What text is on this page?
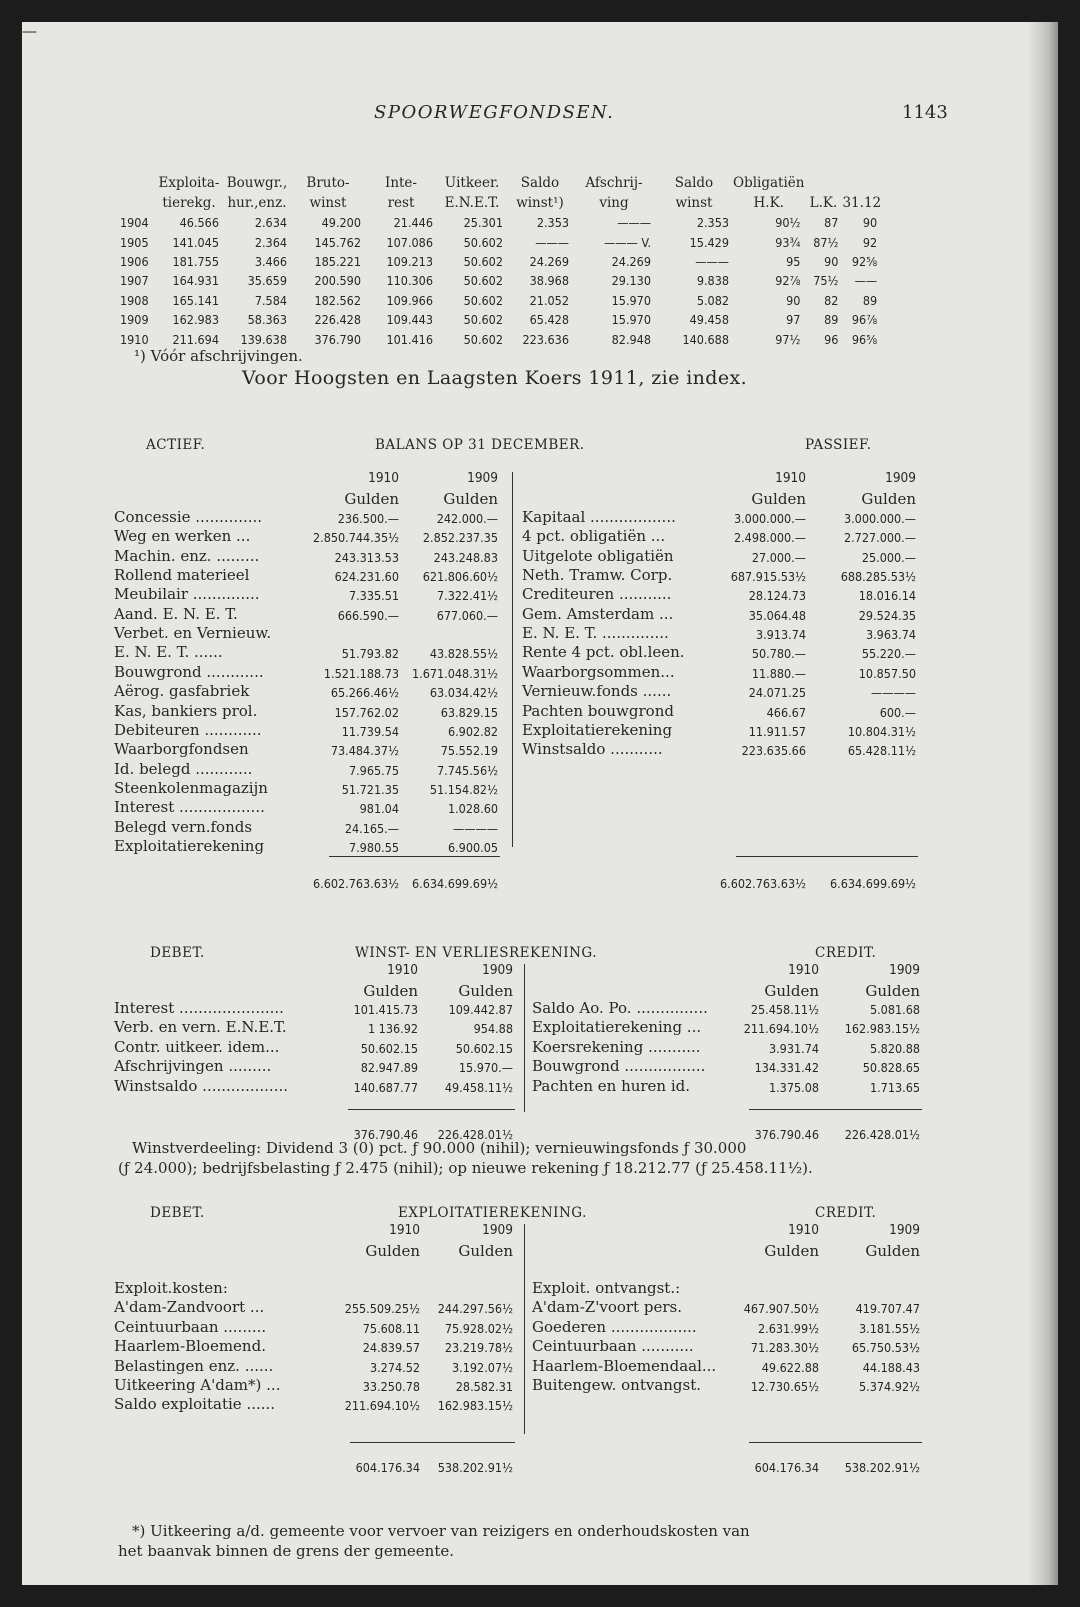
SPOORWEGFONDSEN.	1143
	Exploita-	Bouwgr.,	Bruto-	Inte-	Uitkeer.	Saldo	Afschrij-	Saldo	Obligatiën		
	tierekg.	hur.,enz.	winst	rest	E.N.E.T.	winst¹)	ving	winst	H.K.	L.K.	31.12
1904	46.566	2.634	49.200	21.446	25.301	2.353	———	2.353	90½	87	90
1905	141.045	2.364	145.762	107.086	50.602	———	——— V.	15.429	93¾	87½	92
1906	181.755	3.466	185.221	109.213	50.602	24.269	24.269	———	95	90	92⅝
1907	164.931	35.659	200.590	110.306	50.602	38.968	29.130	9.838	92⅞	75½	——
1908	165.141	7.584	182.562	109.966	50.602	21.052	15.970	5.082	90	82	89
1909	162.983	58.363	226.428	109.443	50.602	65.428	15.970	49.458	97	89	96⅞
1910	211.694	139.638	376.790	101.416	50.602	223.636	82.948	140.688	97½	96	96⅝
¹) Vóór afschrijvingen.
Voor Hoogsten en Laagsten Koers 1911, zie index.
ACTIEF.	BALANS OP 31 DECEMBER.	PASSIEF.
1910	1909
Gulden	Gulden
1910	1909
Gulden	Gulden
Concessie ..............	236.500.—	242.000.—
Weg en werken ...	2.850.744.35½	2.852.237.35
Machin. enz. .........	243.313.53	243.248.83
Rollend materieel	624.231.60	621.806.60½
Meubilair ..............	7.335.51	7.322.41½
Aand. E. N. E. T.	666.590.—	677.060.—
Verbet. en Vernieuw.
E. N. E. T. ......	51.793.82	43.828.55½
Bouwgrond ............	1.521.188.73	1.671.048.31½
Aërog. gasfabriek	65.266.46½	63.034.42½
Kas, bankiers prol.	157.762.02	63.829.15
Debiteuren ............	11.739.54	6.902.82
Waarborgfondsen	73.484.37½	75.552.19
Id. belegd ............	7.965.75	7.745.56½
Steenkolenmagazijn	51.721.35	51.154.82½
Interest ..................	981.04	1.028.60
Belegd vern.fonds	24.165.—	————
Exploitatierekening	7.980.55	6.900.05
Kapitaal ..................	3.000.000.—	3.000.000.—
4 pct. obligatiën ...	2.498.000.—	2.727.000.—
Uitgelote obligatiën	27.000.—	25.000.—
Neth. Tramw. Corp.	687.915.53½	688.285.53½
Crediteuren ...........	28.124.73	18.016.14
Gem. Amsterdam ...	35.064.48	29.524.35
E. N. E. T. ..............	3.913.74	3.963.74
Rente 4 pct. obl.leen.	50.780.—	55.220.—
Waarborgsommen...	11.880.—	10.857.50
Vernieuw.fonds ......	24.071.25	————
Pachten bouwgrond	466.67	600.—
Exploitatierekening	11.911.57	10.804.31½
Winstsaldo ...........	223.635.66	65.428.11½
6.602.763.63½	6.634.699.69½	6.602.763.63½	6.634.699.69½
DEBET.	WINST- EN VERLIESREKENING.	CREDIT.
1910	1909
Gulden	Gulden
1910	1909
Gulden	Gulden
Interest ......................	101.415.73	109.442.87
Verb. en vern. E.N.E.T.	1 136.92	954.88
Contr. uitkeer. idem...	50.602.15	50.602.15
Afschrijvingen .........	82.947.89	15.970.—
Winstsaldo ..................	140.687.77	49.458.11½
Saldo Ao. Po. ...............	25.458.11½	5.081.68
Exploitatierekening ...	211.694.10½	162.983.15½
Koersrekening ...........	3.931.74	5.820.88
Bouwgrond .................	134.331.42	50.828.65
Pachten en huren id.	1.375.08	1.713.65
376.790.46	226.428.01½	376.790.46	226.428.01½
Winstverdeeling: Dividend 3 (0) pct. ƒ 90.000 (nihil); vernieuwingsfonds ƒ 30.000
(ƒ 24.000); bedrijfsbelasting ƒ 2.475 (nihil); op nieuwe rekening ƒ 18.212.77 (ƒ 25.458.11½).
DEBET.	EXPLOITATIEREKENING.	CREDIT.
1910	1909
Gulden	Gulden
1910	1909
Gulden	Gulden
—
Exploit.kosten:
A'dam-Zandvoort ...	255.509.25½	244.297.56½
Ceintuurbaan .........	75.608.11	75.928.02½
Haarlem-Bloemend.	24.839.57	23.219.78½
Belastingen enz. ......	3.274.52	3.192.07½
Uitkeering A'dam*) ...	33.250.78	28.582.31
Saldo exploitatie ......	211.694.10½	162.983.15½
Exploit. ontvangst.:
A'dam-Z'voort pers.	467.907.50½	419.707.47
Goederen ..................	2.631.99½	3.181.55½
Ceintuurbaan ...........	71.283.30½	65.750.53½
Haarlem-Bloemendaal...	49.622.88	44.188.43
Buitengew. ontvangst.	12.730.65½	5.374.92½
604.176.34	538.202.91½	604.176.34	538.202.91½
*) Uitkeering a/d. gemeente voor vervoer van reizigers en onderhoudskosten van
het baanvak binnen de grens der gemeente.
